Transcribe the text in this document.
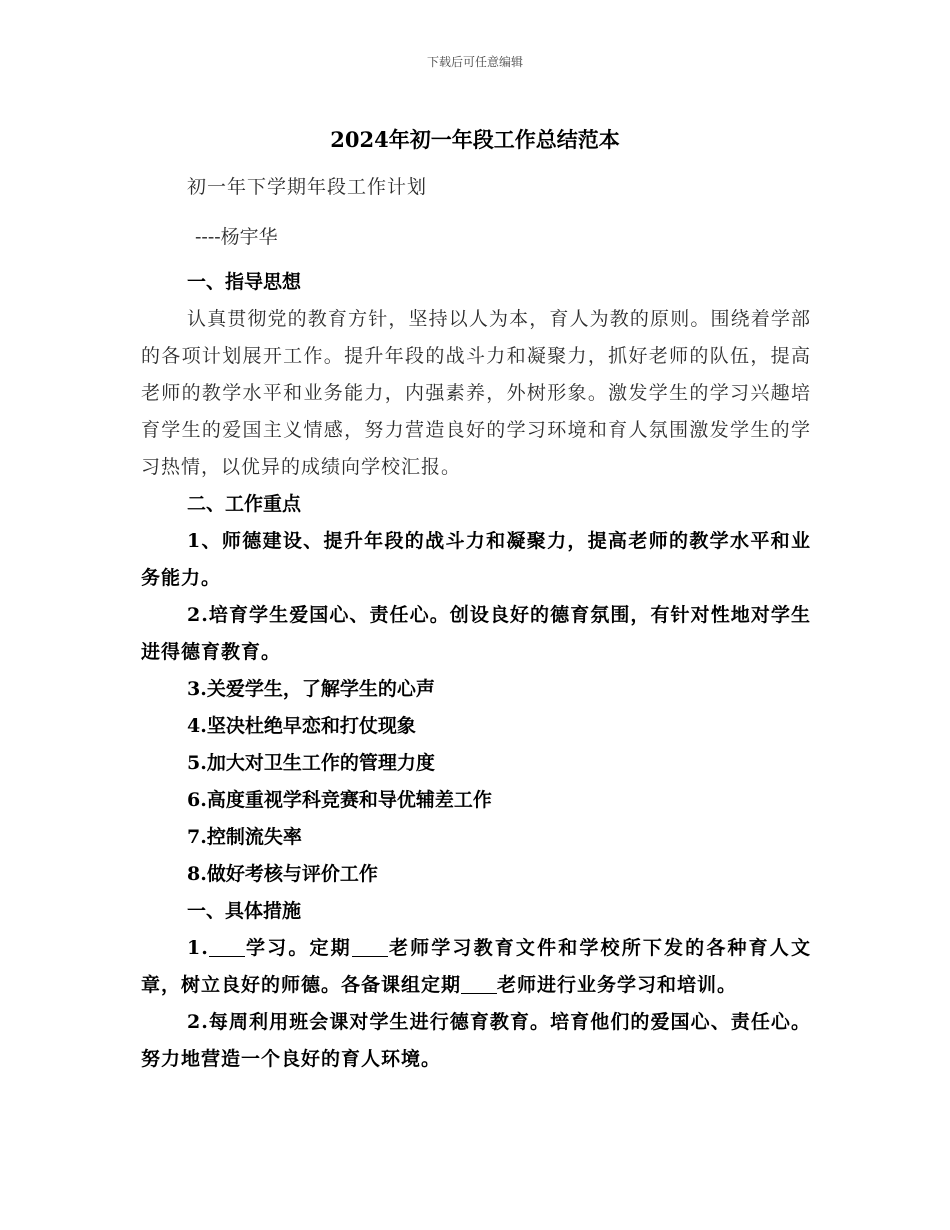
下载后可任意编辑
2024年初一年段工作总结范本

初一年下学期年段工作计划

----杨宇华

一、指导思想

认真贯彻党的教育方针，坚持以人为本，育人为教的原则。围绕着学部的各项计划展开工作。提升年段的战斗力和凝聚力，抓好老师的队伍，提高老师的教学水平和业务能力，内强素养，外树形象。激发学生的学习兴趣培育学生的爱国主义情感，努力营造良好的学习环境和育人氛围激发学生的学习热情，以优异的成绩向学校汇报。

二、工作重点

1、师德建设、提升年段的战斗力和凝聚力，提高老师的教学水平和业务能力。

2.培育学生爱国心、责任心。创设良好的德育氛围，有针对性地对学生进得德育教育。

3.关爱学生，了解学生的心声

4.坚决杜绝早恋和打仗现象

5.加大对卫生工作的管理力度

6.高度重视学科竞赛和导优辅差工作

7.控制流失率

8.做好考核与评价工作

一、具体措施

1. 学习。定期 老师学习教育文件和学校所下发的各种育人文章，树立良好的师德。各备课组定期 老师进行业务学习和培训。

2.每周利用班会课对学生进行德育教育。培育他们的爱国心、责任心。努力地营造一个良好的育人环境。
